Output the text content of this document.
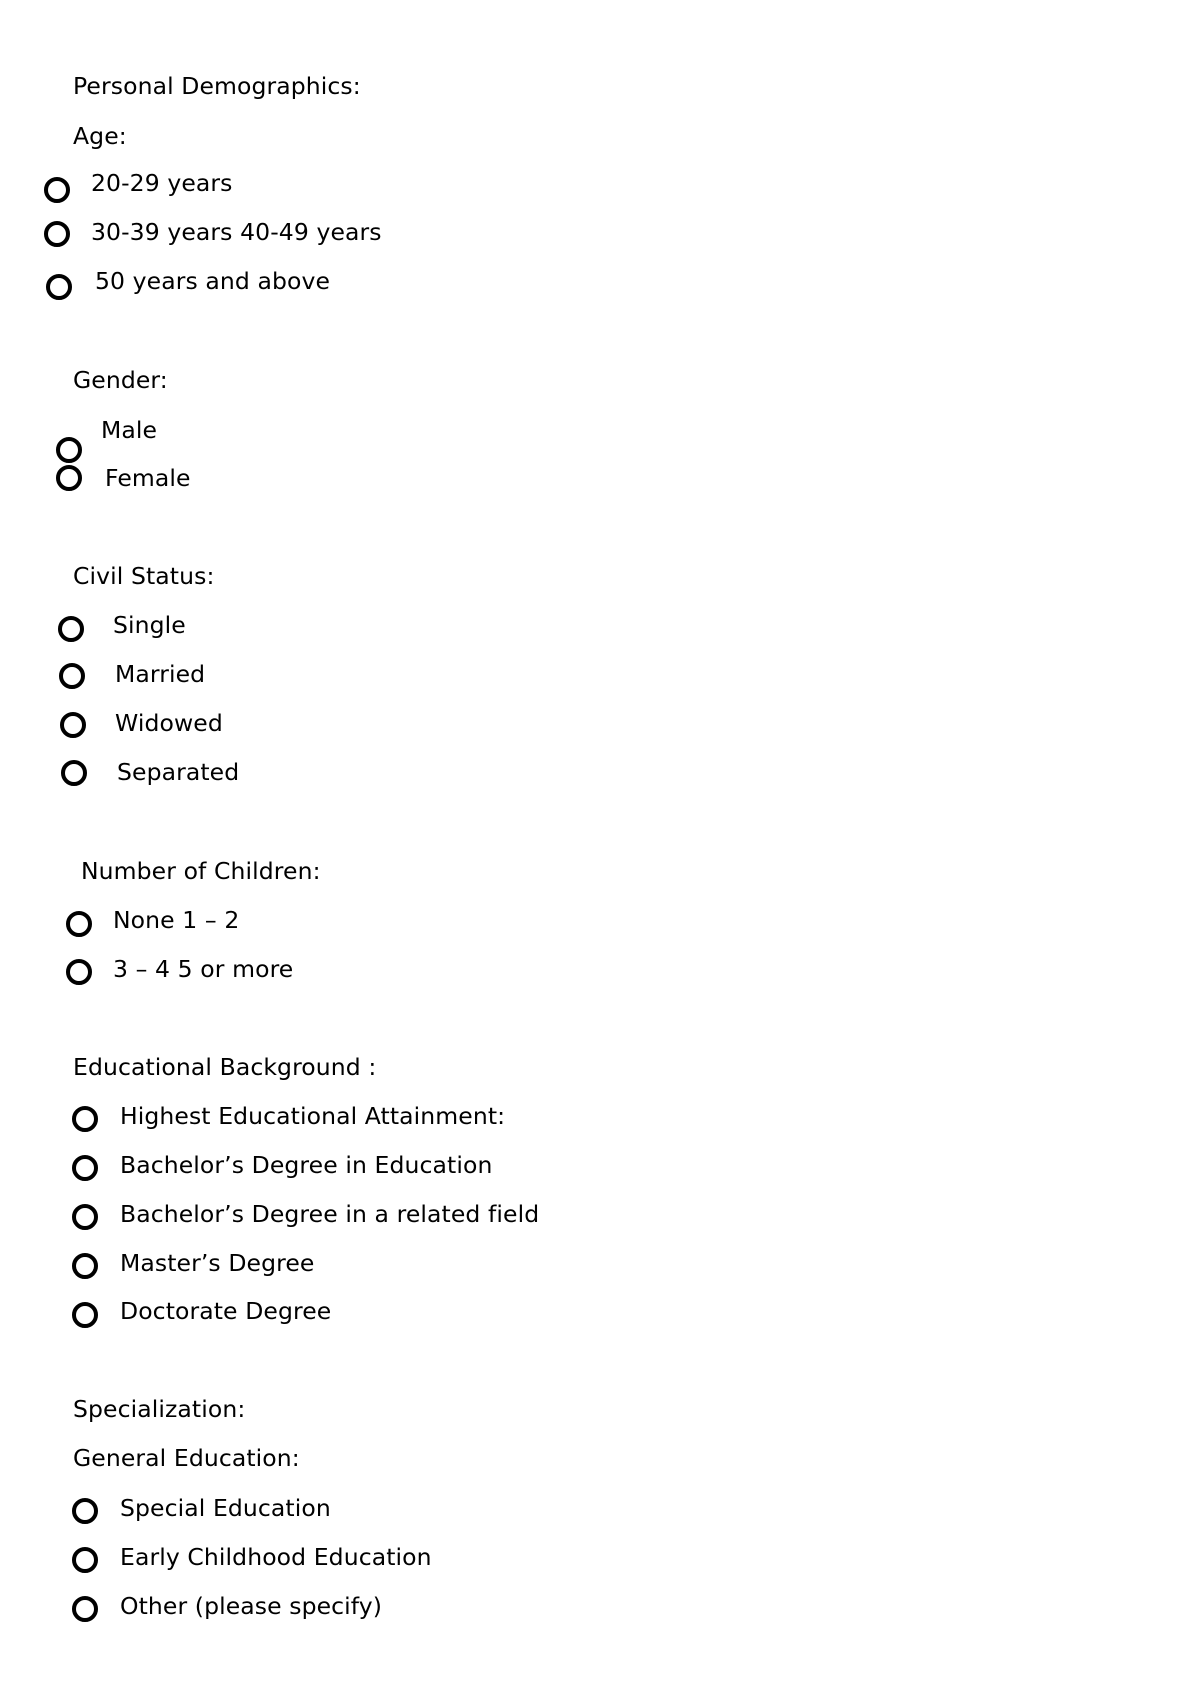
Personal Demographics:
Age:
20-29 years
30-39 years 40-49 years
50 years and above
Gender:
Male
Female
Civil Status:
Single
Married
Widowed
Separated
Number of Children:
None 1 – 2
3 – 4 5 or more
Educational Background :
Highest Educational Attainment:
Bachelor’s Degree in Education
Bachelor’s Degree in a related field
Master’s Degree
Doctorate Degree
Specialization:
General Education:
Special Education
Early Childhood Education
Other (please specify)
